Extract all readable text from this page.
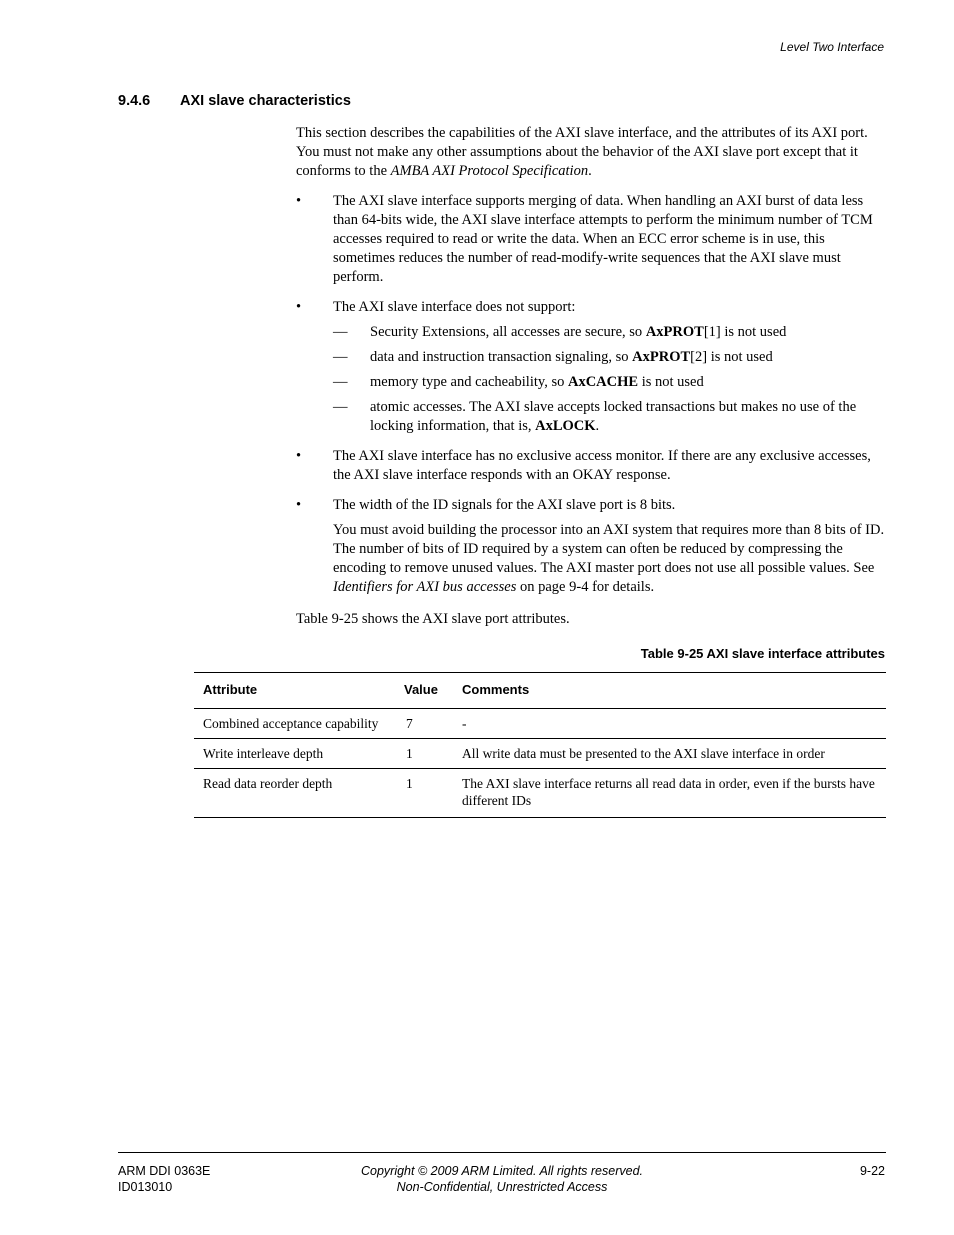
Level Two Interface
9.4.6 AXI slave characteristics

This section describes the capabilities of the AXI slave interface, and the attributes of its AXI port. You must not make any other assumptions about the behavior of the AXI slave port except that it conforms to the AMBA AXI Protocol Specification.

• The AXI slave interface supports merging of data. When handling an AXI burst of data less than 64-bits wide, the AXI slave interface attempts to perform the minimum number of TCM accesses required to read or write the data. When an ECC error scheme is in use, this sometimes reduces the number of read-modify-write sequences that the AXI slave must perform.

• The AXI slave interface does not support:

— Security Extensions, all accesses are secure, so AxPROT[1] is not used
— data and instruction transaction signaling, so AxPROT[2] is not used
— memory type and cacheability, so AxCACHE is not used
— atomic accesses. The AXI slave accepts locked transactions but makes no use of the locking information, that is, AxLOCK.
• The AXI slave interface has no exclusive access monitor. If there are any exclusive accesses, the AXI slave interface responds with an OKAY response.

• The width of the ID signals for the AXI slave port is 8 bits.

You must avoid building the processor into an AXI system that requires more than 8 bits of ID. The number of bits of ID required by a system can often be reduced by compressing the encoding to remove unused values. The AXI master port does not use all possible values. See Identifiers for AXI bus accesses on page 9-4 for details.

Table 9-25 shows the AXI slave port attributes.

Table 9-25 AXI slave interface attributes
Attribute	Value	Comments
Combined acceptance capability	7	-
Write interleave depth	1	All write data must be presented to the AXI slave interface in order
Read data reorder depth	1	The AXI slave interface returns all read data in order, even if the bursts have different IDs
ARM DDI 0363E
ID013010
Copyright © 2009 ARM Limited. All rights reserved.
Non-Confidential, Unrestricted Access
9-22
